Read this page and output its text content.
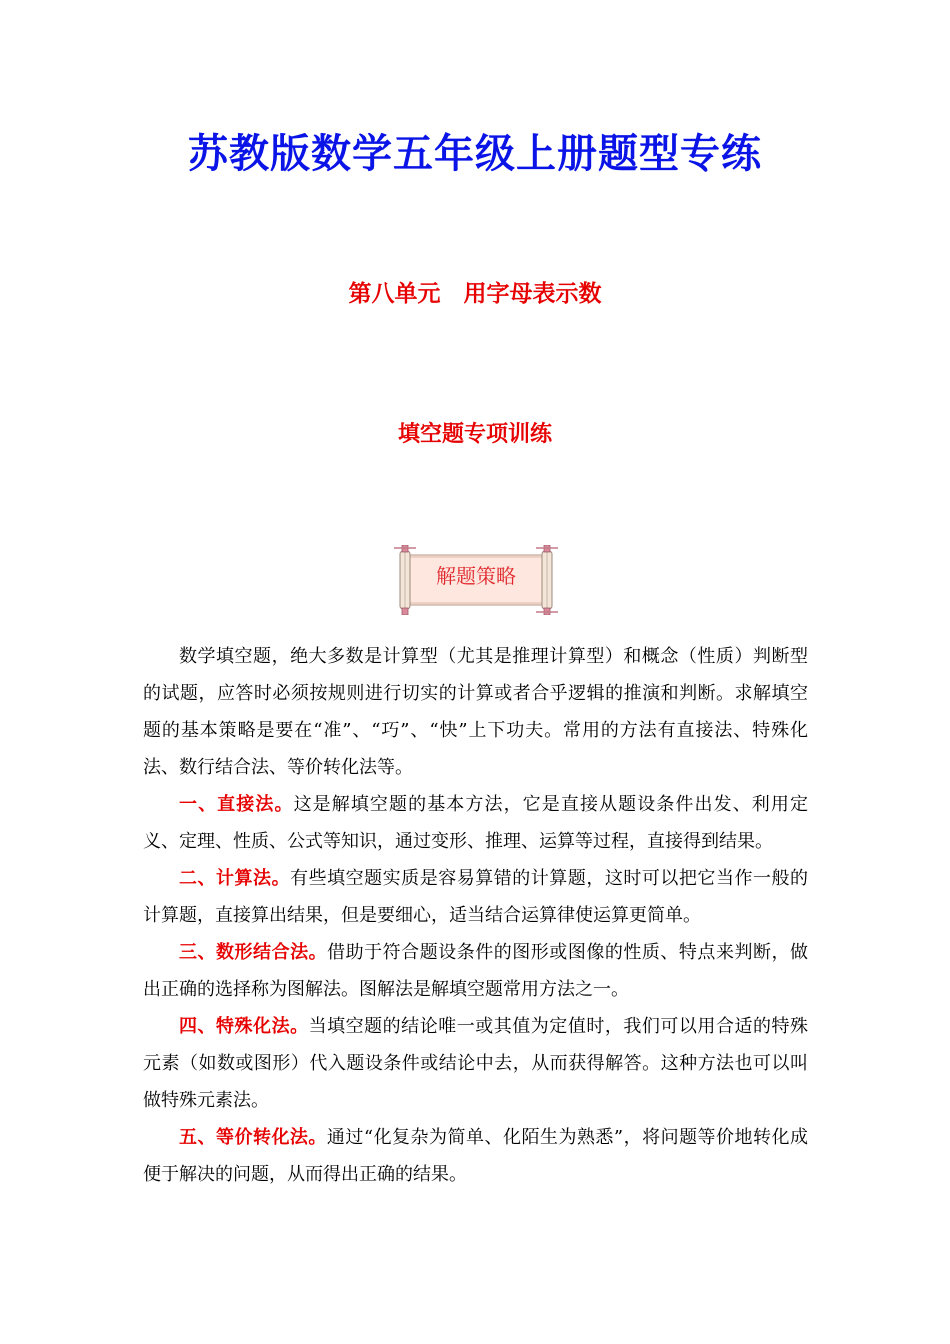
苏教版数学五年级上册题型专练
第八单元　用字母表示数
填空题专项训练
解题策略

数学填空题，绝大多数是计算型（尤其是推理计算型）和概念（性质）判断型的试题，应答时必须按规则进行切实的计算或者合乎逻辑的推演和判断。求解填空题的基本策略是要在“准”、“巧”、“快”上下功夫。常用的方法有直接法、特殊化法、数行结合法、等价转化法等。

一、直接法。这是解填空题的基本方法，它是直接从题设条件出发、利用定义、定理、性质、公式等知识，通过变形、推理、运算等过程，直接得到结果。

二、计算法。有些填空题实质是容易算错的计算题，这时可以把它当作一般的计算题，直接算出结果，但是要细心，适当结合运算律使运算更简单。

三、数形结合法。借助于符合题设条件的图形或图像的性质、特点来判断，做出正确的选择称为图解法。图解法是解填空题常用方法之一。

四、特殊化法。当填空题的结论唯一或其值为定值时，我们可以用合适的特殊元素（如数或图形）代入题设条件或结论中去，从而获得解答。这种方法也可以叫做特殊元素法。

五、等价转化法。通过“化复杂为简单、化陌生为熟悉”，将问题等价地转化成便于解决的问题，从而得出正确的结果。
